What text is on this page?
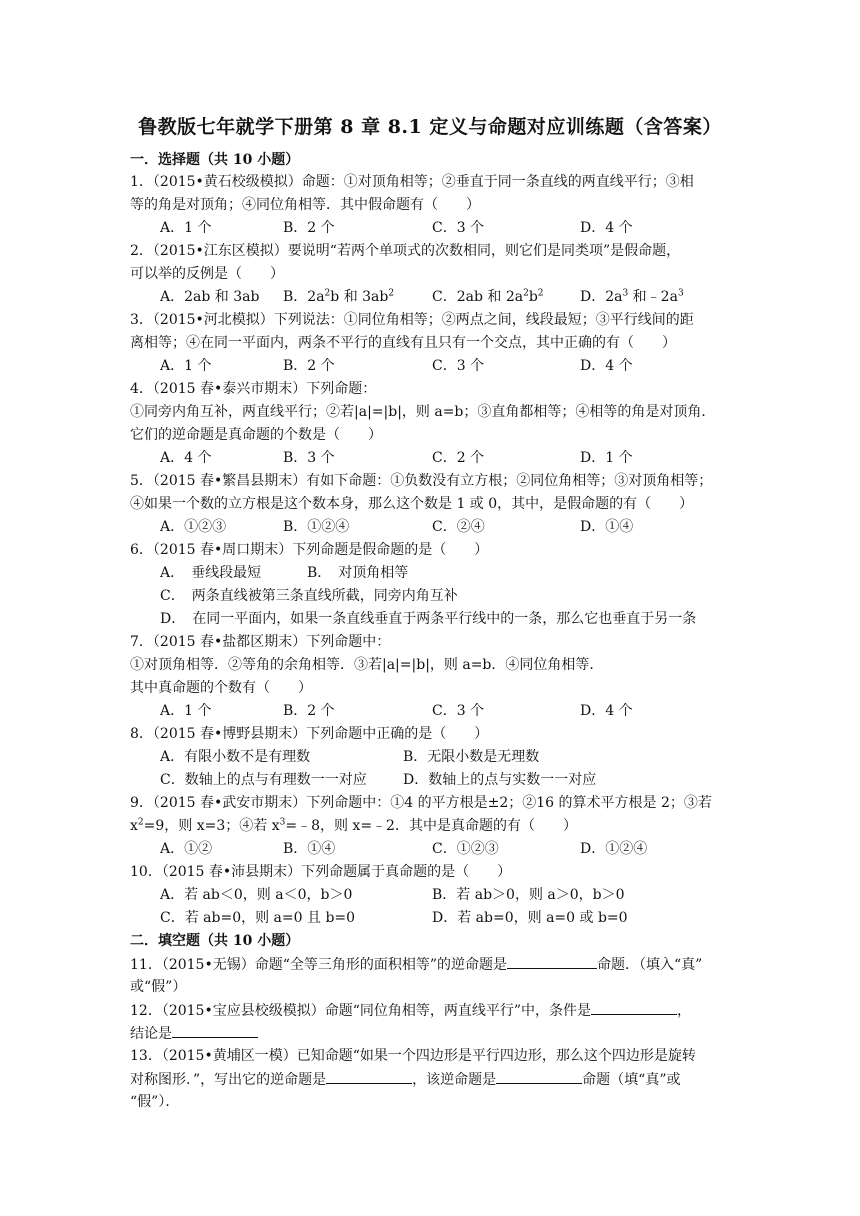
鲁教版七年就学下册第 8 章 8.1 定义与命题对应训练题（含答案）
一．选择题（共 10 小题）
1．（2015•黄石校级模拟）命题：①对顶角相等；②垂直于同一条直线的两直线平行；③相
等的角是对顶角；④同位角相等．其中假命题有（　　）
A．1 个	B．2 个	C．3 个	D．4 个
2．（2015•江东区模拟）要说明“若两个单项式的次数相同，则它们是同类项”是假命题，
可以举的反例是（　　）
A．2ab 和 3ab B．$2a^2b$ 和 $3ab^2$	C．2ab 和 $2a^2b^2$	D．$2a^3$ 和$﹣2a^3$
3．（2015•河北模拟）下列说法：①同位角相等；②两点之间，线段最短；③平行线间的距
离相等；④在同一平面内，两条不平行的直线有且只有一个交点，其中正确的有（　　）
A．1 个	B．2 个	C．3 个	D．4 个
4．（2015 春•泰兴市期末）下列命题：
①同旁内角互补，两直线平行；②若|a|=|b|，则 a=b；③直角都相等；④相等的角是对顶角．
它们的逆命题是真命题的个数是（　　）
A．4 个	B．3 个	C．2 个	D．1 个
5．（2015 春•繁昌县期末）有如下命题：①负数没有立方根；②同位角相等；③对顶角相等；
④如果一个数的立方根是这个数本身，那么这个数是 1 或 0，其中，是假命题的有（　　）
A．①②③	B．①②④	C．②④	D．①④
6．（2015 春•周口期末）下列命题是假命题的是（　　）
A．　垂线段最短	B．　对顶角相等
C．　两条直线被第三条直线所截，同旁内角互补
D．　在同一平面内，如果一条直线垂直于两条平行线中的一条，那么它也垂直于另一条
7．（2015 春•盐都区期末）下列命题中：
①对顶角相等．②等角的余角相等．③若|a|=|b|，则 a=b．④同位角相等．
其中真命题的个数有（　　）
A．1 个	B．2 个	C．3 个	D．4 个
8．（2015 春•博野县期末）下列命题中正确的是（　　）
A．有限小数不是有理数	B．无限小数是无理数
C．数轴上的点与有理数一一对应	D．数轴上的点与实数一一对应
9．（2015 春•武安市期末）下列命题中：①4 的平方根是±2；②16 的算术平方根是 2；③若
$x^2=9$，则 x=3；④若 $x^3=﹣8$，则 x=﹣2．其中是真命题的有（　　）
A．①②	B．①④	C．①②③	D．①②④
10．（2015 春•沛县期末）下列命题属于真命题的是（　　）
A．若 ab＜0，则 a＜0，b＞0	B．若 ab＞0，则 a＞0，b＞0
C．若 ab=0，则 a=0 且 b=0	D．若 ab=0，则 a=0 或 b=0
二．填空题（共 10 小题）
11．（2015•无锡）命题“全等三角形的面积相等”的逆命题是	命题．（填入“真”
或“假”）
12．（2015•宝应县校级模拟）命题“同位角相等，两直线平行”中，条件是	，
结论是
13．（2015•黄埔区一模）已知命题“如果一个四边形是平行四边形，那么这个四边形是旋转
对称图形．”，写出它的逆命题是	，该逆命题是	命题（填“真”或
“假”）．
